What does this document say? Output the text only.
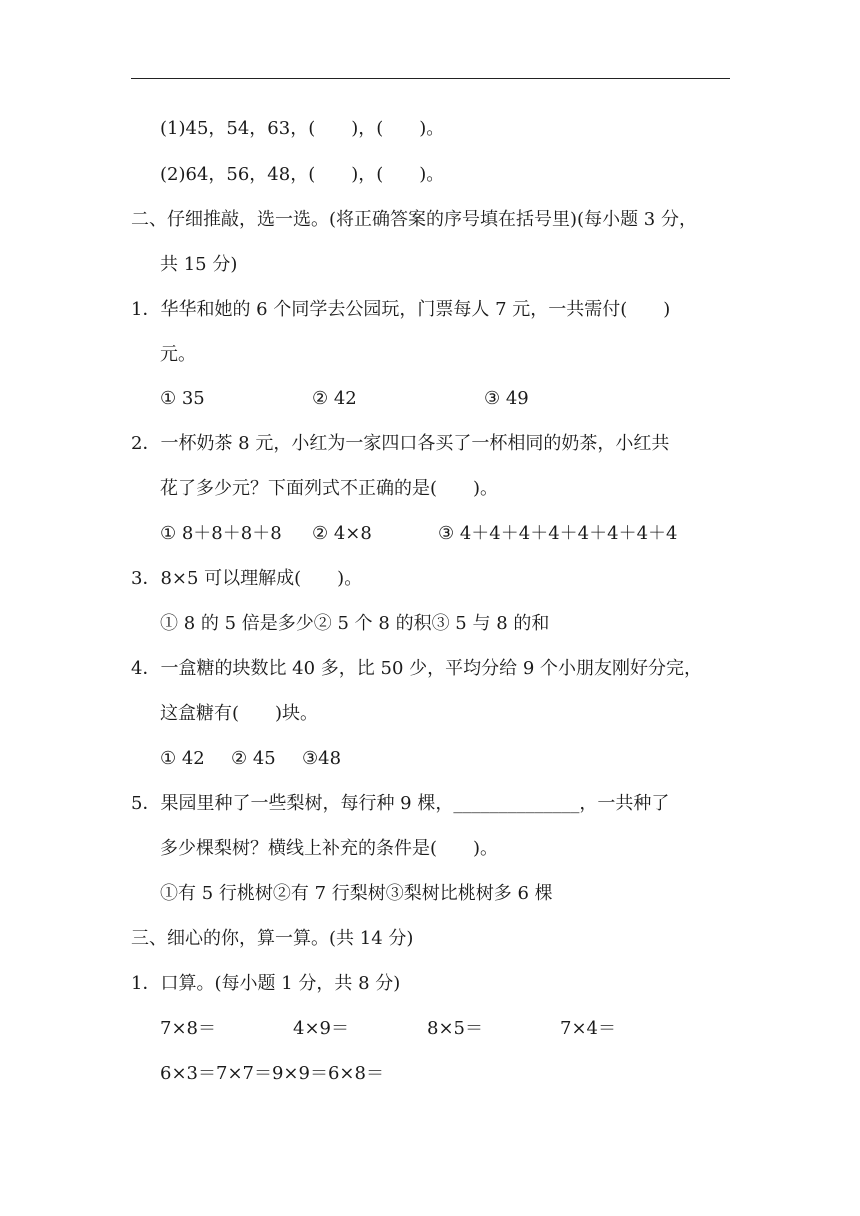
(1)45，54，63，(　　)，(　　)。
(2)64，56，48，(　　)，(　　)。
二、仔细推敲，选一选。(将正确答案的序号填在括号里)(每小题 3 分，
共 15 分)
1．华华和她的 6 个同学去公园玩，门票每人 7 元，一共需付(　　)
元。
① 35	② 42	③ 49
2．一杯奶茶 8 元，小红为一家四口各买了一杯相同的奶茶，小红共
花了多少元？下面列式不正确的是(　　)。
① 8＋8＋8＋8 ② 4×8	③ 4＋4＋4＋4＋4＋4＋4＋4
3．8×5 可以理解成(　　)。
① 8 的 5 倍是多少② 5 个 8 的积③ 5 与 8 的和
4．一盒糖的块数比 40 多，比 50 少，平均分给 9 个小朋友刚好分完，
这盒糖有(　　)块。
① 42 ② 45 ③48
5．果园里种了一些梨树，每行种 9 棵，______________，一共种了
多少棵梨树？横线上补充的条件是(　　)。
①有 5 行桃树②有 7 行梨树③梨树比桃树多 6 棵
三、细心的你，算一算。(共 14 分)
1．口算。(每小题 1 分，共 8 分)
7×8＝	4×9＝	8×5＝	7×4＝
6×3＝7×7＝9×9＝6×8＝
